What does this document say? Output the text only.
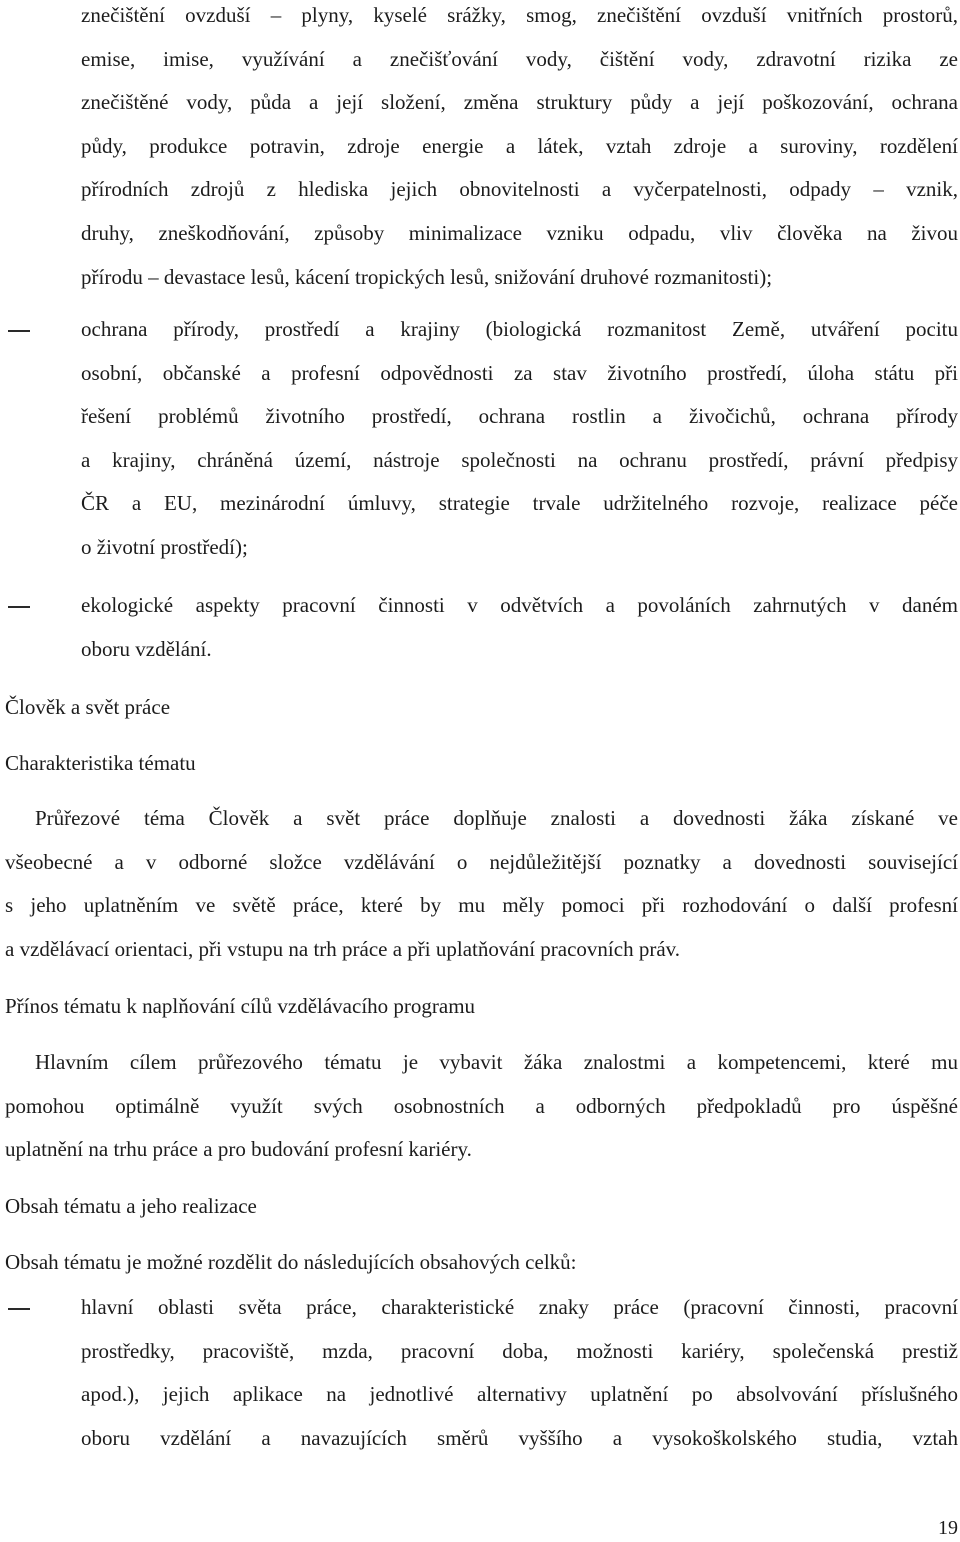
znečištění ovzduší – plyny, kyselé srážky, smog, znečištění ovzduší vnitřních prostorů,
emise, imise, využívání a znečišťování vody, čištění vody, zdravotní rizika ze
znečištěné vody, půda a její složení, změna struktury půdy a její poškozování, ochrana
půdy, produkce potravin, zdroje energie a látek, vztah zdroje a suroviny, rozdělení
přírodních zdrojů z hlediska jejich obnovitelnosti a vyčerpatelnosti, odpady – vznik,
druhy, zneškodňování, způsoby minimalizace vzniku odpadu, vliv člověka na živou
přírodu – devastace lesů, kácení tropických lesů, snižování druhové rozmanitosti);
ochrana přírody, prostředí a krajiny (biologická rozmanitost Země, utváření pocitu
osobní, občanské a profesní odpovědnosti za stav životního prostředí, úloha státu při
řešení problémů životního prostředí, ochrana rostlin a živočichů, ochrana přírody
a krajiny, chráněná území, nástroje společnosti na ochranu prostředí, právní předpisy
ČR a EU, mezinárodní úmluvy, strategie trvale udržitelného rozvoje, realizace péče
o životní prostředí);
ekologické aspekty pracovní činnosti v odvětvích a povoláních zahrnutých v daném
oboru vzdělání.
Člověk a svět práce
Charakteristika tématu
Průřezové téma Člověk a svět práce doplňuje znalosti a dovednosti žáka získané ve
všeobecné a v odborné složce vzdělávání o nejdůležitější poznatky a dovednosti související
s jeho uplatněním ve světě práce, které by mu měly pomoci při rozhodování o další profesní
a vzdělávací orientaci, při vstupu na trh práce a při uplatňování pracovních práv.
Přínos tématu k naplňování cílů vzdělávacího programu
Hlavním cílem průřezového tématu je vybavit žáka znalostmi a kompetencemi, které mu
pomohou optimálně využít svých osobnostních a odborných předpokladů pro úspěšné
uplatnění na trhu práce a pro budování profesní kariéry.
Obsah tématu a jeho realizace
Obsah tématu je možné rozdělit do následujících obsahových celků:
hlavní oblasti světa práce, charakteristické znaky práce (pracovní činnosti, pracovní
prostředky, pracoviště, mzda, pracovní doba, možnosti kariéry, společenská prestiž
apod.), jejich aplikace na jednotlivé alternativy uplatnění po absolvování příslušného
oboru vzdělání a navazujících směrů vyššího a vysokoškolského studia, vztah
19
